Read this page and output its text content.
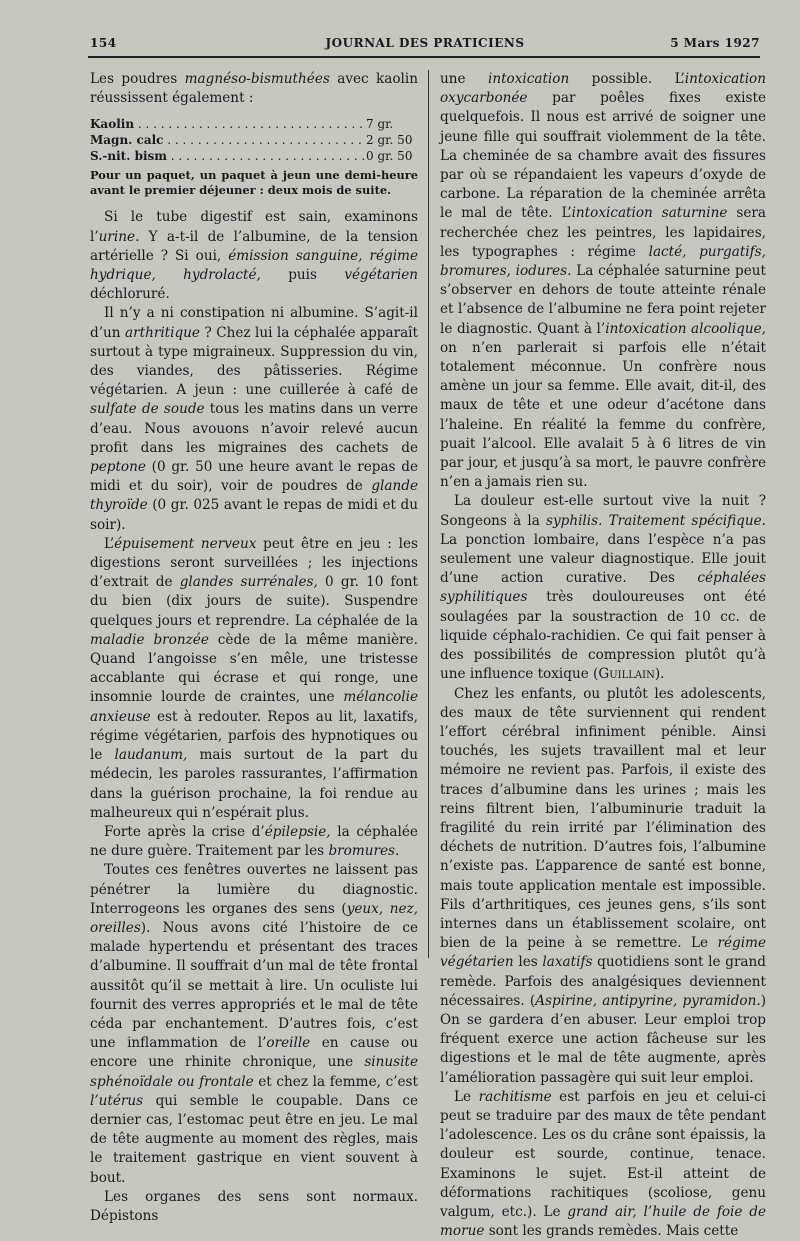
154	JOURNAL DES PRATICIENS	5 Mars 1927

Les poudres magnéso-bismuthées avec kaolin réussissent également :

Kaolin . . .	7 gr.
Magn. calc . . .	2 gr. 50
S.-nit. bism . . .	0 gr. 50
Pour un paquet, un paquet à jeun une demi-heure avant le premier déjeuner : deux mois de suite.

Si le tube digestif est sain, examinons l’urine. Y a-t-il de l’albumine, de la tension artérielle ? Si oui, émission sanguine, régime hydrique, hydrolacté, puis végétarien déchloruré.

Il n’y a ni constipation ni albumine. S’agit-il d’un arthritique ? Chez lui la céphalée apparaît surtout à type migraineux. Suppression du vin, des viandes, des pâtisseries. Régime végétarien. A jeun : une cuillerée à café de sulfate de soude tous les matins dans un verre d’eau. Nous avouons n’avoir relevé aucun profit dans les migraines des cachets de peptone (0 gr. 50 une heure avant le repas de midi et du soir), voir de poudres de glande thyroïde (0 gr. 025 avant le repas de midi et du soir).

L’épuisement nerveux peut être en jeu : les digestions seront surveillées ; les injections d’extrait de glandes surrénales, 0 gr. 10 font du bien (dix jours de suite). Suspendre quelques jours et reprendre. La céphalée de la maladie bronzée cède de la même manière. Quand l’angoisse s’en mêle, une tristesse accablante qui écrase et qui ronge, une insomnie lourde de craintes, une mélancolie anxieuse est à redouter. Repos au lit, laxatifs, régime végétarien, parfois des hypnotiques ou le laudanum, mais surtout de la part du médecin, les paroles rassurantes, l’affirmation dans la guérison prochaine, la foi rendue au malheureux qui n’espérait plus.

Forte après la crise d’épilepsie, la céphalée ne dure guère. Traitement par les bromures.

Toutes ces fenêtres ouvertes ne laissent pas pénétrer la lumière du diagnostic. Interrogeons les organes des sens (yeux, nez, oreilles). Nous avons cité l’histoire de ce malade hypertendu et présentant des traces d’albumine. Il souffrait d’un mal de tête frontal aussitôt qu’il se mettait à lire. Un oculiste lui fournit des verres appropriés et le mal de tête céda par enchantement. D’autres fois, c’est une inflammation de l’oreille en cause ou encore une rhinite chronique, une sinusite sphénoïdale ou frontale et chez la femme, c’est l’utérus qui semble le coupable. Dans ce dernier cas, l’estomac peut être en jeu. Le mal de tête augmente au moment des règles, mais le traitement gastrique en vient souvent à bout.

Les organes des sens sont normaux. Dépistons

une intoxication possible. L’intoxication oxycarbonée par poêles fixes existe quelquefois. Il nous est arrivé de soigner une jeune fille qui souffrait violemment de la tête. La cheminée de sa chambre avait des fissures par où se répandaient les vapeurs d’oxyde de carbone. La réparation de la cheminée arrêta le mal de tête. L’intoxication saturnine sera recherchée chez les peintres, les lapidaires, les typographes : régime lacté, purgatifs, bromures, iodures. La céphalée saturnine peut s’observer en dehors de toute atteinte rénale et l’absence de l’albumine ne fera point rejeter le diagnostic. Quant à l’intoxication alcoolique, on n’en parlerait si parfois elle n’était totalement méconnue. Un confrère nous amène un jour sa femme. Elle avait, dit-il, des maux de tête et une odeur d’acétone dans l’haleine. En réalité la femme du confrère, puait l’alcool. Elle avalait 5 à 6 litres de vin par jour, et jusqu’à sa mort, le pauvre confrère n’en a jamais rien su.

La douleur est-elle surtout vive la nuit ? Songeons à la syphilis. Traitement spécifique. La ponction lombaire, dans l’espèce n’a pas seulement une valeur diagnostique. Elle jouit d’une action curative. Des céphalées syphilitiques très douloureuses ont été soulagées par la soustraction de 10 cc. de liquide céphalo-rachidien. Ce qui fait penser à des possibilités de compression plutôt qu’à une influence toxique (Guillain).

Chez les enfants, ou plutôt les adolescents, des maux de tête surviennent qui rendent l’effort cérébral infiniment pénible. Ainsi touchés, les sujets travaillent mal et leur mémoire ne revient pas. Parfois, il existe des traces d’albumine dans les urines ; mais les reins filtrent bien, l’albuminurie traduit la fragilité du rein irrité par l’élimination des déchets de nutrition. D’autres fois, l’albumine n’existe pas. L’apparence de santé est bonne, mais toute application mentale est impossible. Fils d’arthritiques, ces jeunes gens, s’ils sont internes dans un établissement scolaire, ont bien de la peine à se remettre. Le régime végétarien les laxatifs quotidiens sont le grand remède. Parfois des analgésiques deviennent nécessaires. (Aspirine, antipyrine, pyramidon.) On se gardera d’en abuser. Leur emploi trop fréquent exerce une action fâcheuse sur les digestions et le mal de tête augmente, après l’amélioration passagère qui suit leur emploi.

Le rachitisme est parfois en jeu et celui-ci peut se traduire par des maux de tête pendant l’adolescence. Les os du crâne sont épaissis, la douleur est sourde, continue, tenace. Examinons le sujet. Est-il atteint de déformations rachitiques (scoliose, genu valgum, etc.). Le grand air, l’huile de foie de morue sont les grands remèdes. Mais cette
